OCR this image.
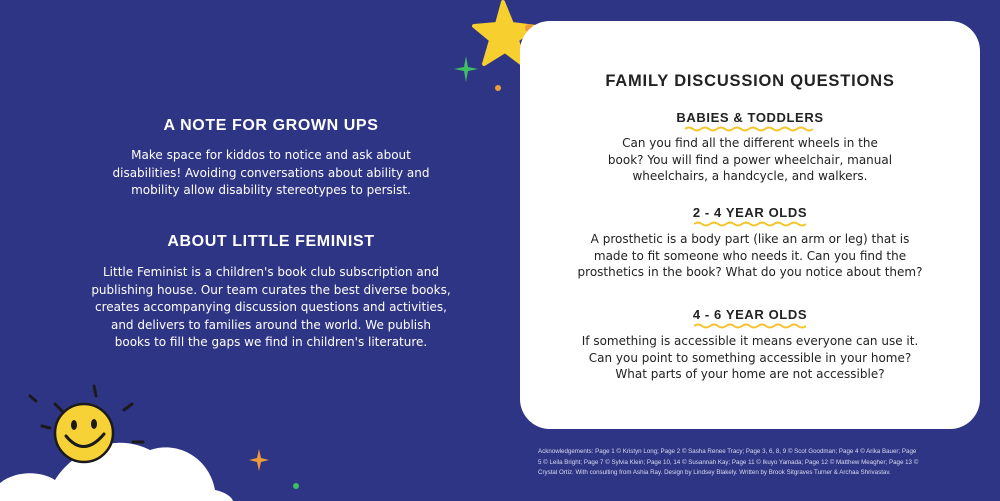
A NOTE FOR GROWN UPS

Make space for kiddos to notice and ask about
disabilities! Avoiding conversations about ability and
mobility allow disability stereotypes to persist.

ABOUT LITTLE FEMINIST

Little Feminist is a children's book club subscription and
publishing house. Our team curates the best diverse books,
creates accompanying discussion questions and activities,
and delivers to families around the world. We publish
books to fill the gaps we find in children's literature.

FAMILY DISCUSSION QUESTIONS
BABIES & TODDLERS

Can you find all the different wheels in the
book? You will find a power wheelchair, manual
wheelchairs, a handcycle, and walkers.

2 - 4 YEAR OLDS

A prosthetic is a body part (like an arm or leg) that is
made to fit someone who needs it. Can you find the
prosthetics in the book? What do you notice about them?

4 - 6 YEAR OLDS

If something is accessible it means everyone can use it.
Can you point to something accessible in your home?
What parts of your home are not accessible?

Acknowledgements: Page 1 © Kristyn Long; Page 2 © Sasha Renee Tracy; Page 3, 6, 8, 9 © Scot Goodman; Page 4 © Arika Bauer; Page
5 © Leila Bright; Page 7 © Sylvia Klein; Page 10, 14 © Susannah Kay; Page 11 © Ikuyo Yamada; Page 12 © Matthew Meagher; Page 13 ©
Crystal Ortiz. With consulting from Ashia Ray. Design by Lindsey Blakely. Written by Brook Sitgraves Turner & Archaa Shrivastav.
